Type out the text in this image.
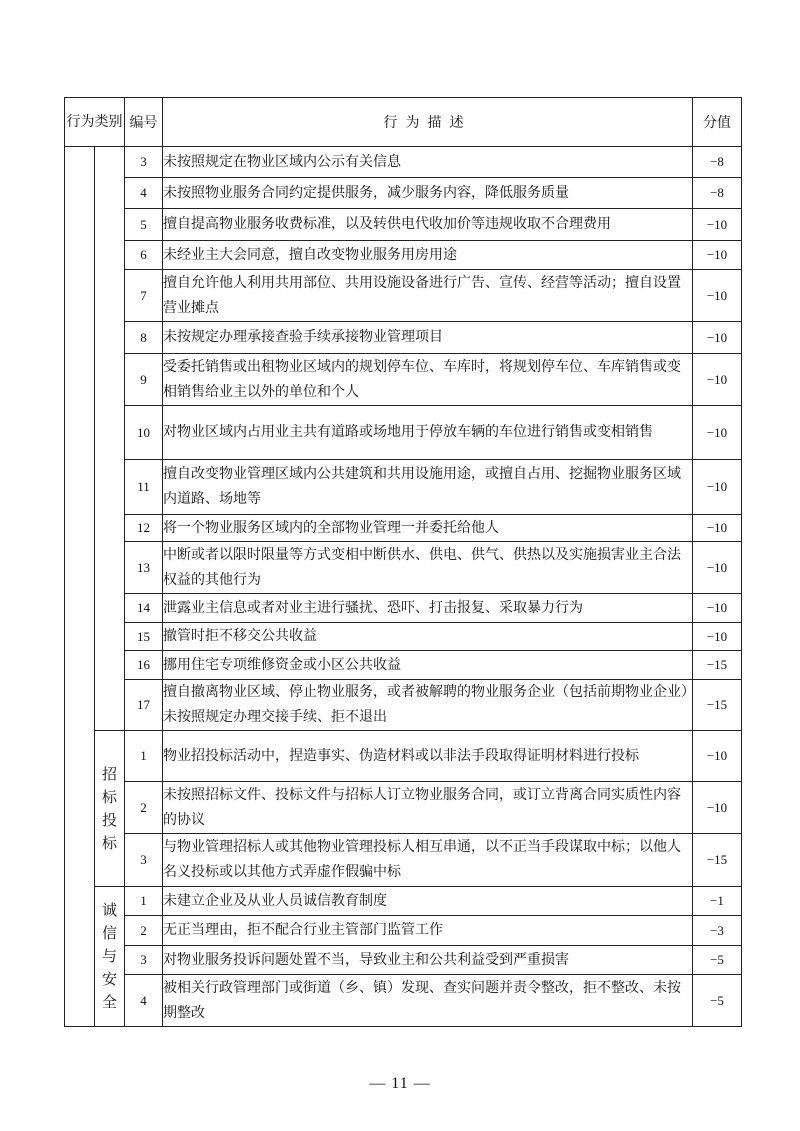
行为类别		编号	行为描述	分值
		3	未按照规定在物业区域内公示有关信息	−8
		4	未按照物业服务合同约定提供服务，减少服务内容，降低服务质量	−8
		5	擅自提高物业服务收费标准，以及转供电代收加价等违规收取不合理费用	−10
		6	未经业主大会同意，擅自改变物业服务用房用途	−10
		7	擅自允许他人利用共用部位、共用设施设备进行广告、宣传、经营等活动；擅自设置营业摊点	−10
		8	未按规定办理承接查验手续承接物业管理项目	−10
		9	受委托销售或出租物业区域内的规划停车位、车库时，将规划停车位、车库销售或变相销售给业主以外的单位和个人	−10
		10	对物业区域内占用业主共有道路或场地用于停放车辆的车位进行销售或变相销售	−10
		11	擅自改变物业管理区域内公共建筑和共用设施用途，或擅自占用、挖掘物业服务区域内道路、场地等	−10
		12	将一个物业服务区域内的全部物业管理一并委托给他人	−10
		13	中断或者以限时限量等方式变相中断供水、供电、供气、供热以及实施损害业主合法权益的其他行为	−10
		14	泄露业主信息或者对业主进行骚扰、恐吓、打击报复、采取暴力行为	−10
		15	撤管时拒不移交公共收益	−10
		16	挪用住宅专项维修资金或小区公共收益	−15
		17	擅自撤离物业区域、停止物业服务，或者被解聘的物业服务企业（包括前期物业企业）未按照规定办理交接手续、拒不退出	−15
	招标投标	1	物业招投标活动中，捏造事实、伪造材料或以非法手段取得证明材料进行投标	−10
		2	未按照招标文件、投标文件与招标人订立物业服务合同，或订立背离合同实质性内容的协议	−10
		3	与物业管理招标人或其他物业管理投标人相互串通，以不正当手段谋取中标；以他人名义投标或以其他方式弄虚作假骗中标	−15
	诚信与安全	1	未建立企业及从业人员诚信教育制度	−1
		2	无正当理由，拒不配合行业主管部门监管工作	−3
		3	对物业服务投诉问题处置不当，导致业主和公共利益受到严重损害	−5
		4	被相关行政管理部门或街道（乡、镇）发现、查实问题并责令整改，拒不整改、未按期整改	−5
— 11 —
